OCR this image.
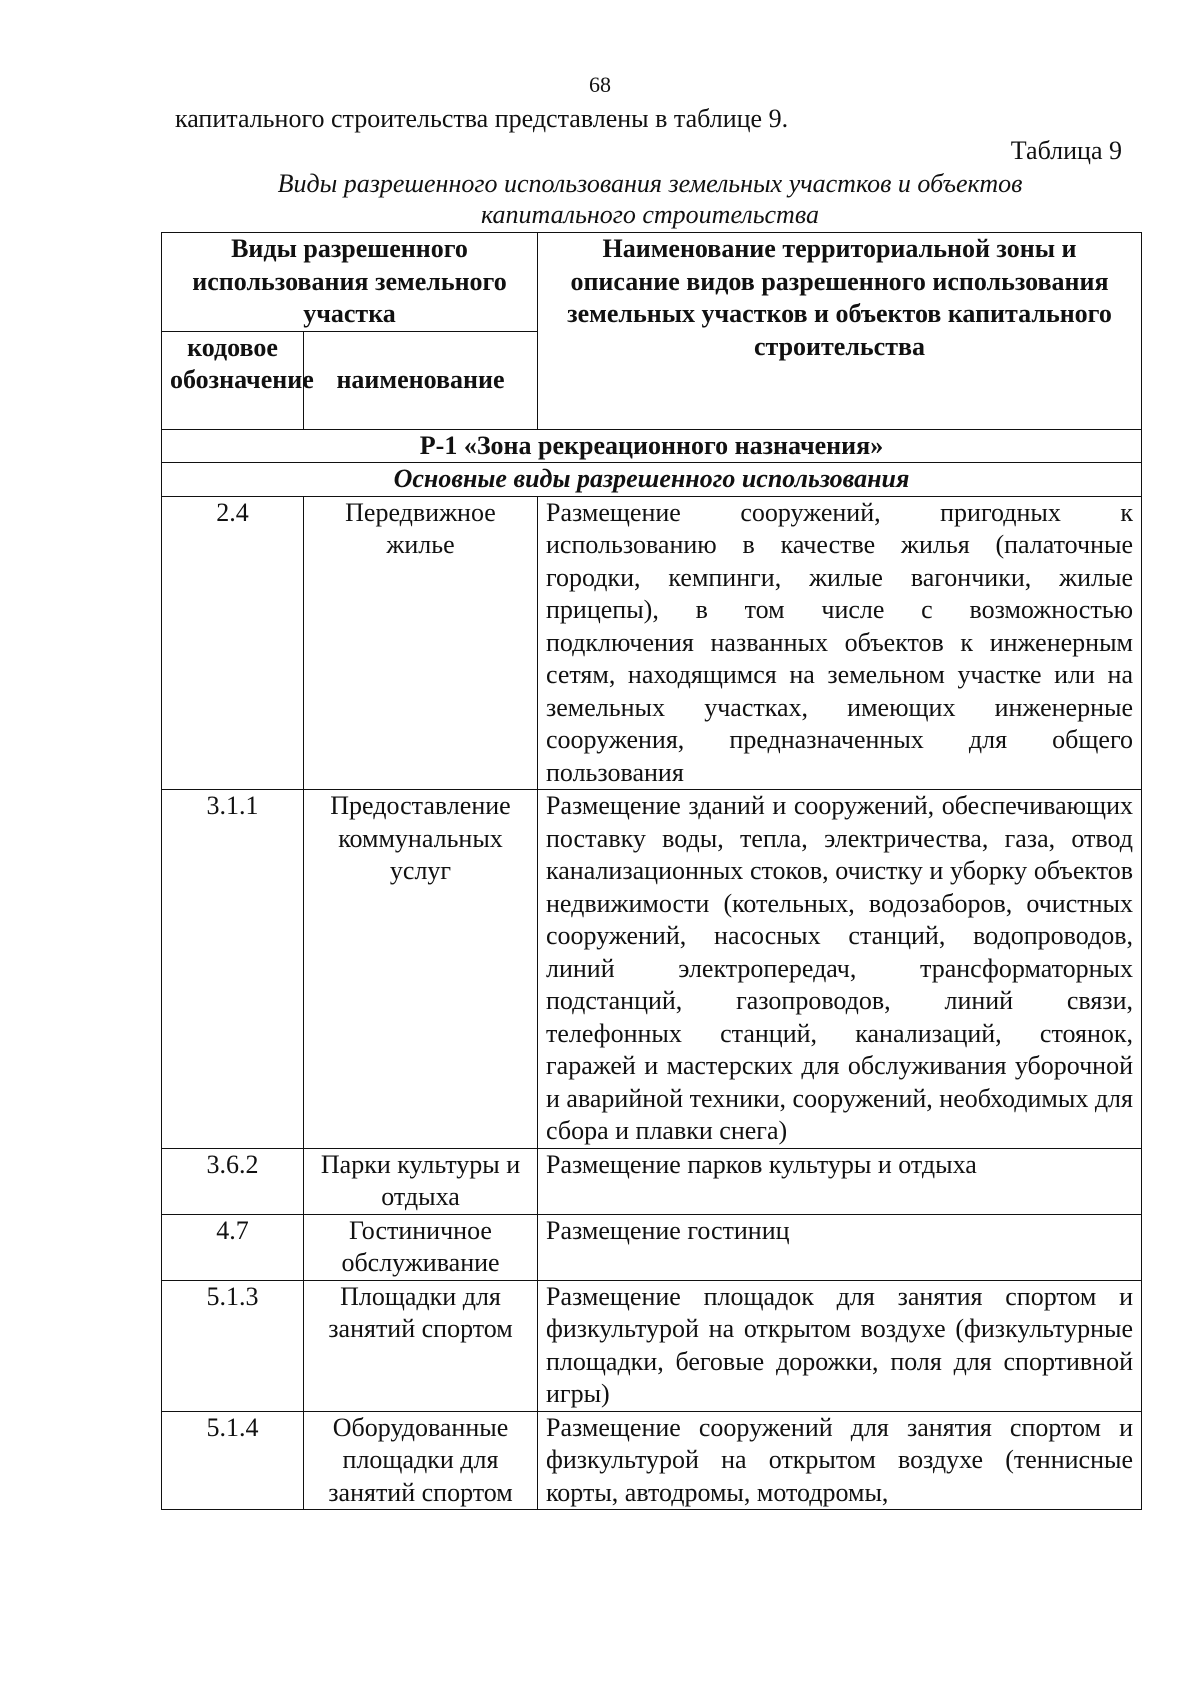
68
капитального строительства представлены в таблице 9.
Таблица 9
Виды разрешенного использования земельных участков и объектов
капитального строительства
Виды разрешенного использования земельного участка		Наименование территориальной зоны и описание видов разрешенного использования земельных участков и объектов капитального строительства
кодовое обозначение	наименование	
Р-1 «Зона рекреационного назначения»		
Основные виды разрешенного использования		
2.4	Передвижное жилье	Размещение сооружений, пригодных к использованию в качестве жилья (палаточные городки, кемпинги, жилые вагончики, жилые прицепы), в том числе с возможностью подключения названных объектов к инженерным сетям, находящимся на земельном участке или на земельных участках, имеющих инженерные сооружения, предназначенных для общего пользования
3.1.1	Предоставление коммунальных услуг	Размещение зданий и сооружений, обеспечивающих поставку воды, тепла, электричества, газа, отвод канализационных стоков, очистку и уборку объектов недвижимости (котельных, водозаборов, очистных сооружений, насосных станций, водопроводов, линий электропередач, трансформаторных подстанций, газопроводов, линий связи, телефонных станций, канализаций, стоянок, гаражей и мастерских для обслуживания уборочной и аварийной техники, сооружений, необходимых для сбора и плавки снега)
3.6.2	Парки культуры и отдыха	Размещение парков культуры и отдыха
4.7	Гостиничное обслуживание	Размещение гостиниц
5.1.3	Площадки для занятий спортом	Размещение площадок для занятия спортом и физкультурой на открытом воздухе (физкультурные площадки, беговые дорожки, поля для спортивной игры)
5.1.4	Оборудованные площадки для занятий спортом	Размещение сооружений для занятия спортом и физкультурой на открытом воздухе (теннисные корты, автодромы, мотодромы,
